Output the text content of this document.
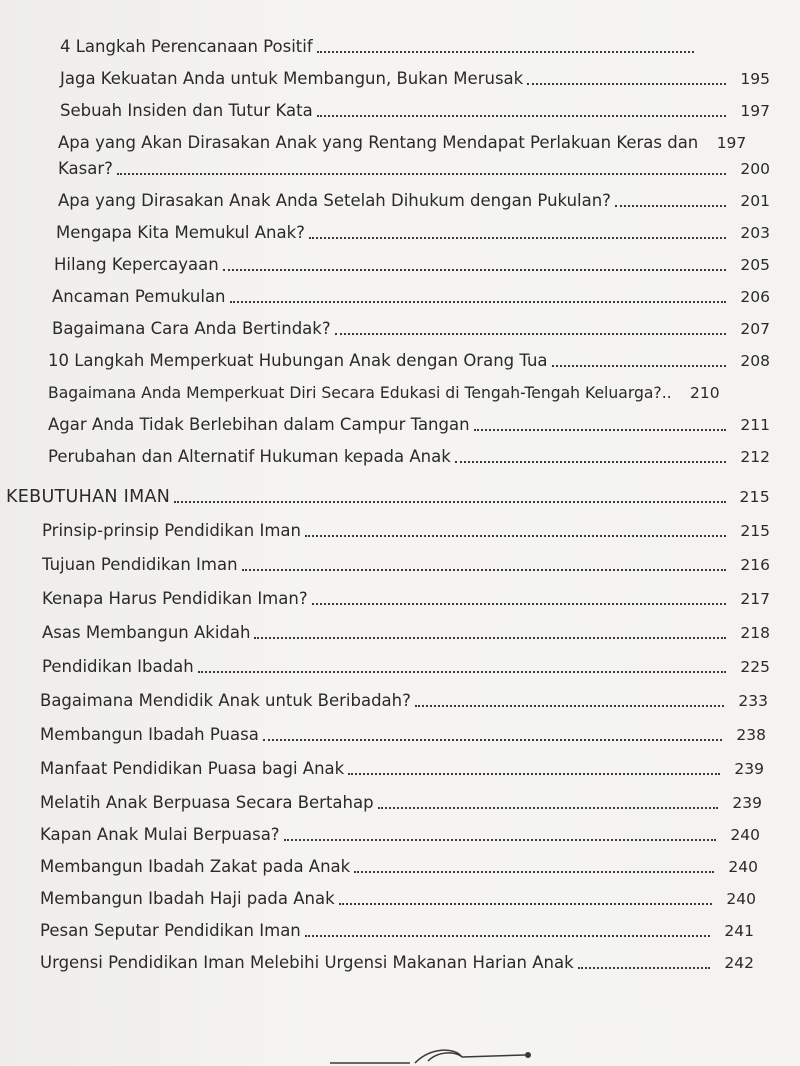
4 Langkah Perencanaan Positif
Jaga Kekuatan Anda untuk Membangun, Bukan Merusak	195
Sebuah Insiden dan Tutur Kata	197
Apa yang Akan Dirasakan Anak yang Rentang Mendapat Perlakuan Keras dan	197
Kasar?	200
Apa yang Dirasakan Anak Anda Setelah Dihukum dengan Pukulan?	201
Mengapa Kita Memukul Anak?	203
Hilang Kepercayaan	205
Ancaman Pemukulan	206
Bagaimana Cara Anda Bertindak?	207
10 Langkah Memperkuat Hubungan Anak dengan Orang Tua	208
Bagaimana Anda Memperkuat Diri Secara Edukasi di Tengah-Tengah Keluarga?..	210
Agar Anda Tidak Berlebihan dalam Campur Tangan	211
Perubahan dan Alternatif Hukuman kepada Anak	212
KEBUTUHAN IMAN	215
Prinsip-prinsip Pendidikan Iman	215
Tujuan Pendidikan Iman	216
Kenapa Harus Pendidikan Iman?	217
Asas Membangun Akidah	218
Pendidikan Ibadah	225
Bagaimana Mendidik Anak untuk Beribadah?	233
Membangun Ibadah Puasa	238
Manfaat Pendidikan Puasa bagi Anak	239
Melatih Anak Berpuasa Secara Bertahap	239
Kapan Anak Mulai Berpuasa?	240
Membangun Ibadah Zakat pada Anak	240
Membangun Ibadah Haji pada Anak	240
Pesan Seputar Pendidikan Iman	241
Urgensi Pendidikan Iman Melebihi Urgensi Makanan Harian Anak	242
